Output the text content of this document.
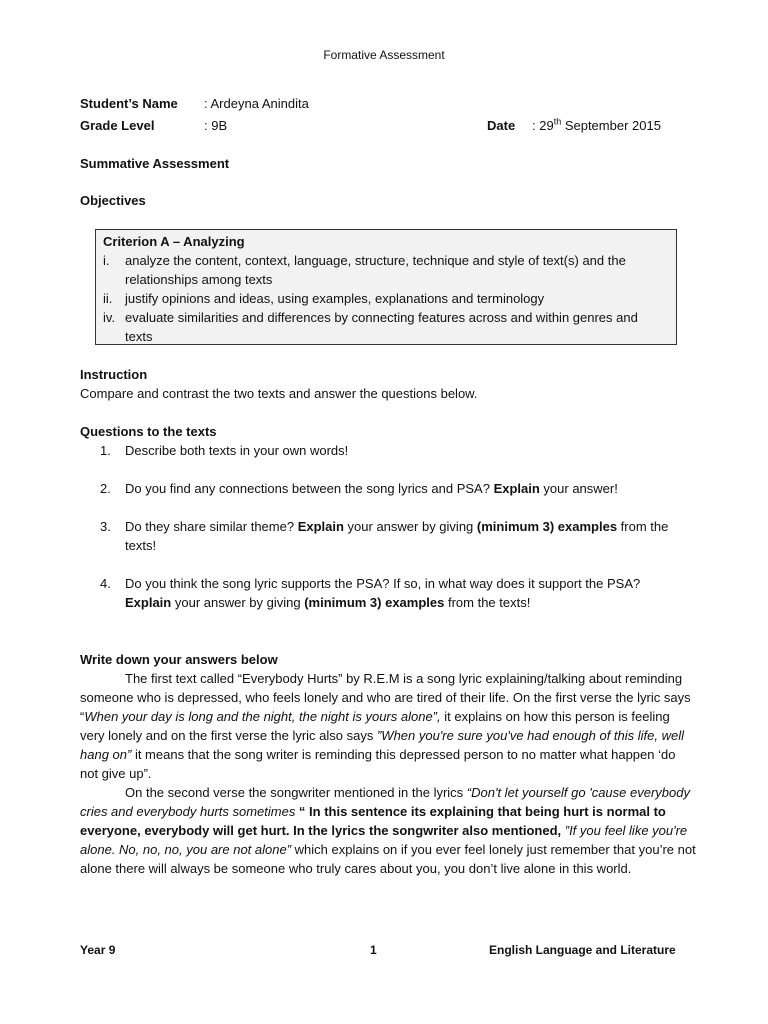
Formative Assessment
Student’s Name : Ardeyna Anindita
Grade Level	: 9B	Date : 29th September 2015
Summative Assessment
Objectives
Criterion A – Analyzing
i.	analyze the content, context, language, structure, technique and style of text(s) and the relationships among texts
ii. justify opinions and ideas, using examples, explanations and terminology
iv. evaluate similarities and differences by connecting features across and within genres and texts
Instruction
Compare and contrast the two texts and answer the questions below.
Questions to the texts
1.	Describe both texts in your own words!
2.	Do you find any connections between the song lyrics and PSA? Explain your answer!
3.	Do they share similar theme? Explain your answer by giving (minimum 3) examples from the texts!
4.	Do you think the song lyric supports the PSA? If so, in what way does it support the PSA? Explain your answer by giving (minimum 3) examples from the texts!
Write down your answers below

The first text called “Everybody Hurts” by R.E.M is a song lyric explaining/talking about reminding someone who is depressed, who feels lonely and who are tired of their life. On the first verse the lyric says “When your day is long and the night, the night is yours alone”, it explains on how this person is feeling very lonely and on the first verse the lyric also says ”When you're sure you've had enough of this life, well hang on” it means that the song writer is reminding this depressed person to no matter what happen ‘do not give up”.

On the second verse the songwriter mentioned in the lyrics “Don't let yourself go 'cause everybody cries and everybody hurts sometimes “ In this sentence its explaining that being hurt is normal to everyone, everybody will get hurt. In the lyrics the songwriter also mentioned, ”If you feel like you're alone. No, no, no, you are not alone” which explains on if you ever feel lonely just remember that you’re not alone there will always be someone who truly cares about you, you don’t live alone in this world.

Year 9	1	English Language and Literature
